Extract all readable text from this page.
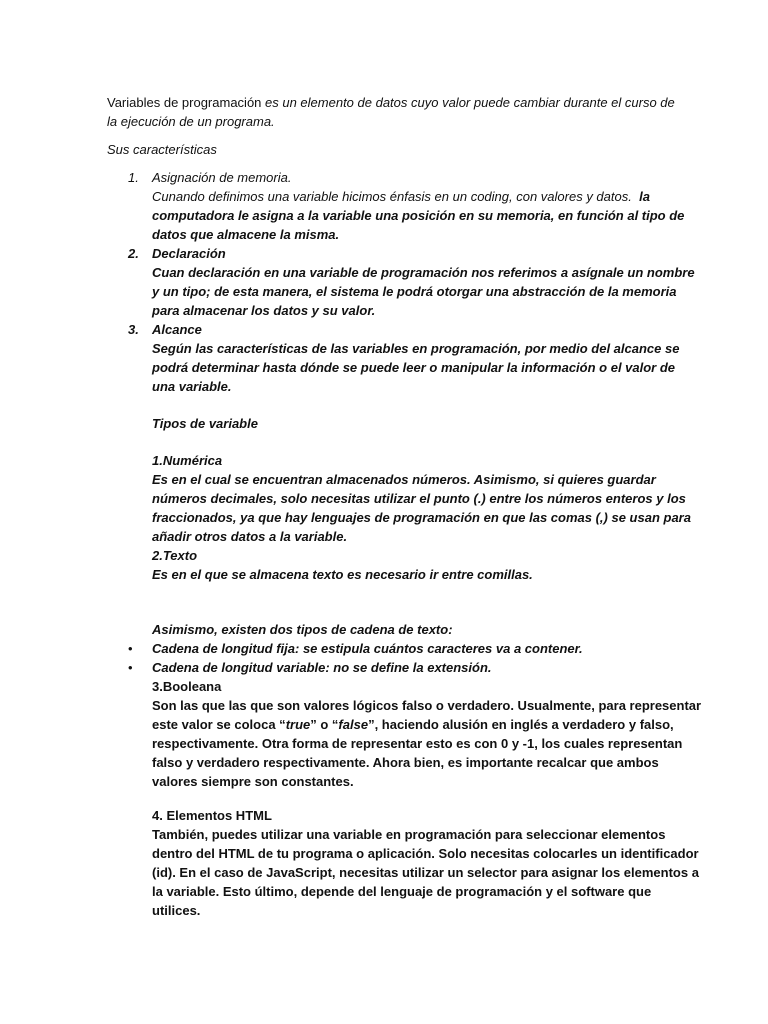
Variables de programación es un elemento de datos cuyo valor puede cambiar durante el curso de
la ejecución de un programa.
Sus características
1. Asignación de memoria.
Cunando definimos una variable hicimos énfasis en un coding, con valores y datos. la
computadora le asigna a la variable una posición en su memoria, en función al tipo de
datos que almacene la misma.
2. Declaración
Cuan declaración en una variable de programación nos referimos a asígnale un nombre
y un tipo; de esta manera, el sistema le podrá otorgar una abstracción de la memoria
para almacenar los datos y su valor.
3. Alcance
Según las características de las variables en programación, por medio del alcance se
podrá determinar hasta dónde se puede leer o manipular la información o el valor de
una variable.
Tipos de variable
1.Numérica
Es en el cual se encuentran almacenados números. Asimismo, si quieres guardar
números decimales, solo necesitas utilizar el punto (.) entre los números enteros y los
fraccionados, ya que hay lenguajes de programación en que las comas (,) se usan para
añadir otros datos a la variable.
2.Texto
Es en el que se almacena texto es necesario ir entre comillas.
Asimismo, existen dos tipos de cadena de texto:
• Cadena de longitud fija: se estipula cuántos caracteres va a contener.
• Cadena de longitud variable: no se define la extensión.
3.Booleana
Son las que las que son valores lógicos falso o verdadero. Usualmente, para representar
este valor se coloca “true” o “false”, haciendo alusión en inglés a verdadero y falso,
respectivamente. Otra forma de representar esto es con 0 y -1, los cuales representan
falso y verdadero respectivamente. Ahora bien, es importante recalcar que ambos
valores siempre son constantes.
4. Elementos HTML
También, puedes utilizar una variable en programación para seleccionar elementos
dentro del HTML de tu programa o aplicación. Solo necesitas colocarles un identificador
(id). En el caso de JavaScript, necesitas utilizar un selector para asignar los elementos a
la variable. Esto último, depende del lenguaje de programación y el software que
utilices.
